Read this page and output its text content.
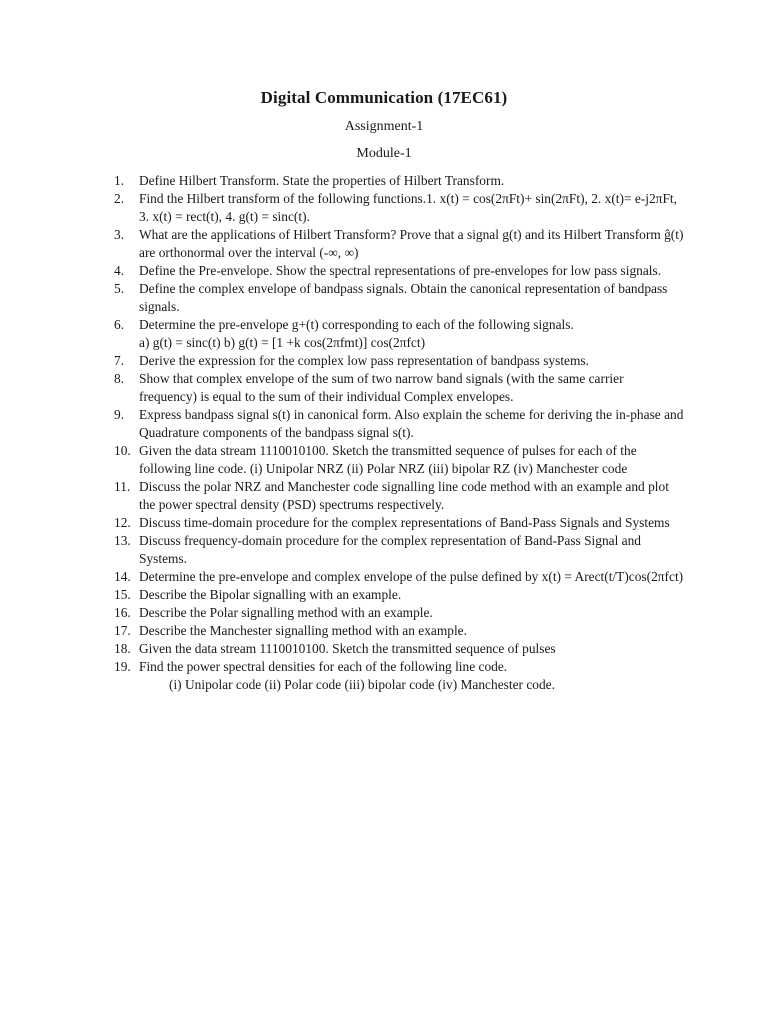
Digital Communication (17EC61)
Assignment-1
Module-1
1.	Define Hilbert Transform. State the properties of Hilbert Transform.
2.	Find the Hilbert transform of the following functions.1. x(t) = cos(2πFt)+ sin(2πFt), 2. x(t)= e-j2πFt, 3. x(t) = rect(t), 4. g(t) = sinc(t).
3.	What are the applications of Hilbert Transform? Prove that a signal g(t) and its Hilbert Transform ĝ(t) are orthonormal over the interval (-∞, ∞)
4.	Define the Pre-envelope. Show the spectral representations of pre-envelopes for low pass signals.
5.	Define the complex envelope of bandpass signals. Obtain the canonical representation of bandpass signals.
6.	Determine the pre-envelope g+(t) corresponding to each of the following signals.
a) g(t) = sinc(t) b) g(t) = [1 +k cos(2πfmt)] cos(2πfct)
7.	Derive the expression for the complex low pass representation of bandpass systems.
8.	Show that complex envelope of the sum of two narrow band signals (with the same carrier frequency) is equal to the sum of their individual Complex envelopes.
9.	Express bandpass signal s(t) in canonical form. Also explain the scheme for deriving the in-phase and Quadrature components of the bandpass signal s(t).
10. Given the data stream 1110010100. Sketch the transmitted sequence of pulses for each of the following line code. (i) Unipolar NRZ (ii) Polar NRZ (iii) bipolar RZ (iv) Manchester code
11. Discuss the polar NRZ and Manchester code signalling line code method with an example and plot the power spectral density (PSD) spectrums respectively.
12. Discuss time-domain procedure for the complex representations of Band-Pass Signals and Systems
13. Discuss frequency-domain procedure for the complex representation of Band-Pass Signal and Systems.
14. Determine the pre-envelope and complex envelope of the pulse defined by x(t) = Arect(t/T)cos(2πfct)
15. Describe the Bipolar signalling with an example.
16. Describe the Polar signalling method with an example.
17. Describe the Manchester signalling method with an example.
18. Given the data stream 1110010100. Sketch the transmitted sequence of pulses
19. Find the power spectral densities for each of the following line code.
(i) Unipolar code (ii) Polar code (iii) bipolar code (iv) Manchester code.
